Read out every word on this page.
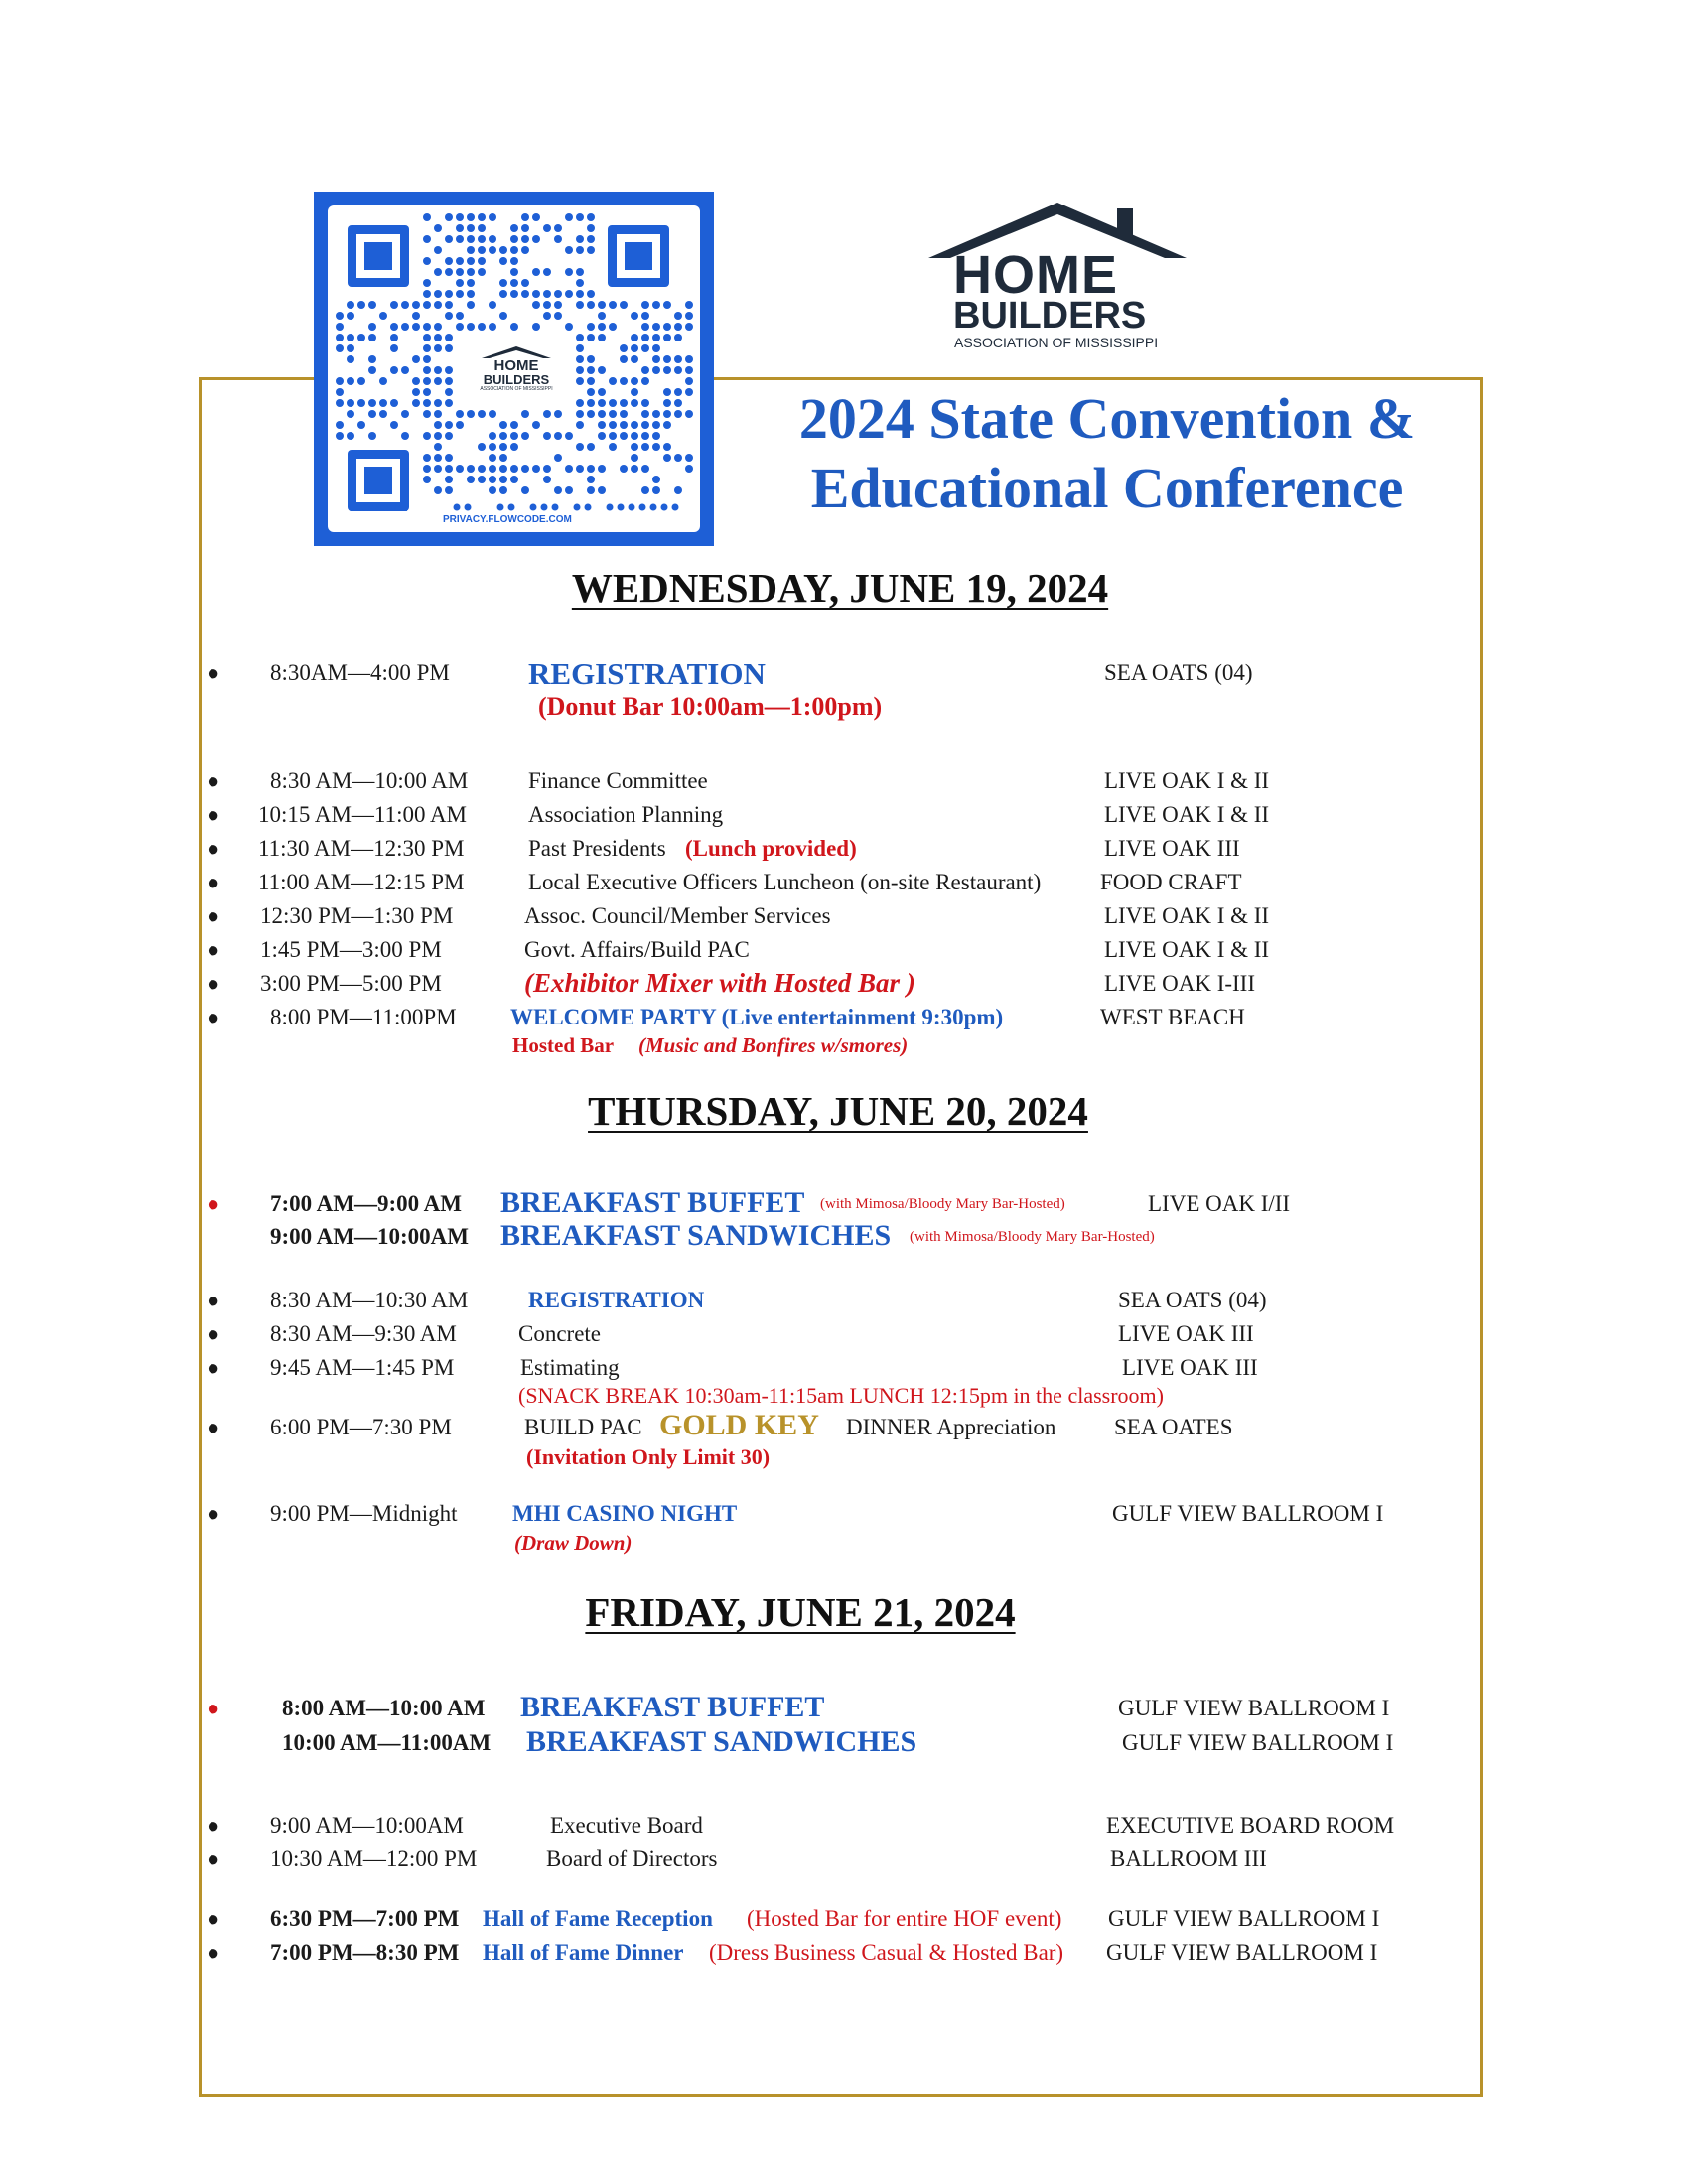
HOME
BUILDERS
ASSOCIATION OF MISSISSIPPI
FLOWCODE
PRIVACY.FLOWCODE.COM
HOME
BUILDERS
ASSOCIATION OF MISSISSIPPI
2024 State Convention &
Educational Conference
WEDNESDAY, JUNE 19, 2024
● 8:30AM—4:00 PM	REGISTRATION	SEA OATS (04)
(Donut Bar 10:00am—1:00pm)
● 8:30 AM—10:00 AM	Finance Committee	LIVE OAK I & II
● 10:15 AM—11:00 AM	Association Planning	LIVE OAK I & II
● 11:30 AM—12:30 PM	Past Presidents (Lunch provided)	LIVE OAK III
● 11:00 AM—12:15 PM	Local Executive Officers Luncheon (on-site Restaurant)	FOOD CRAFT
● 12:30 PM—1:30 PM	Assoc. Council/Member Services	LIVE OAK I & II
● 1:45 PM—3:00 PM	Govt. Affairs/Build PAC	LIVE OAK I & II
● 3:00 PM—5:00 PM	(Exhibitor Mixer with Hosted Bar )	LIVE OAK I-III
● 8:00 PM—11:00PM WELCOME PARTY (Live entertainment 9:30pm)	WEST BEACH
Hosted Bar (Music and Bonfires w/smores)
THURSDAY, JUNE 20, 2024
● 7:00 AM—9:00 AM BREAKFAST BUFFET (with Mimosa/Bloody Mary Bar-Hosted)	LIVE OAK I/II
9:00 AM—10:00AM BREAKFAST SANDWICHES (with Mimosa/Bloody Mary Bar-Hosted)
● 8:30 AM—10:30 AM	REGISTRATION	SEA OATS (04)
● 8:30 AM—9:30 AM	Concrete	LIVE OAK III
● 9:45 AM—1:45 PM	Estimating	LIVE OAK III
(SNACK BREAK 10:30am-11:15am LUNCH 12:15pm in the classroom)
● 6:00 PM—7:30 PM	BUILD PAC GOLD KEY DINNER Appreciation	SEA OATES
(Invitation Only Limit 30)
● 9:00 PM—Midnight MHI CASINO NIGHT	GULF VIEW BALLROOM I
(Draw Down)
FRIDAY, JUNE 21, 2024
●	8:00 AM—10:00 AM BREAKFAST BUFFET	GULF VIEW BALLROOM I
10:00 AM—11:00AM BREAKFAST SANDWICHES	GULF VIEW BALLROOM I
● 9:00 AM—10:00AM	Executive Board	EXECUTIVE BOARD ROOM
● 10:30 AM—12:00 PM	Board of Directors	BALLROOM III
● 6:30 PM—7:00 PM Hall of Fame Reception (Hosted Bar for entire HOF event) GULF VIEW BALLROOM I
● 7:00 PM—8:30 PM Hall of Fame Dinner (Dress Business Casual & Hosted Bar) GULF VIEW BALLROOM I
